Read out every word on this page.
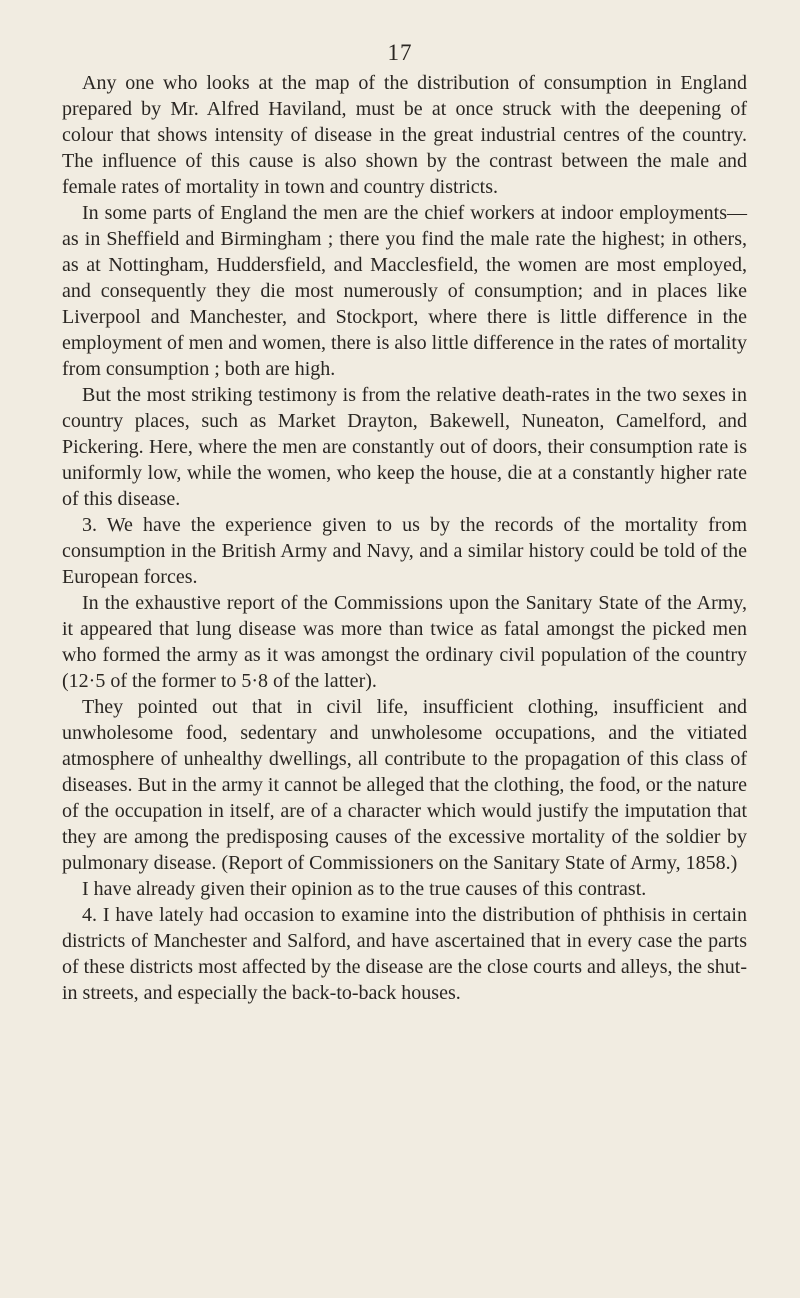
17

Any one who looks at the map of the distribution of consumption in England prepared by Mr. Alfred Haviland, must be at once struck with the deepening of colour that shows intensity of disease in the great industrial centres of the country. The influence of this cause is also shown by the contrast between the male and female rates of mortality in town and country districts.

In some parts of England the men are the chief workers at indoor employments—as in Sheffield and Birmingham ; there you find the male rate the highest; in others, as at Nottingham, Huddersfield, and Macclesfield, the women are most employed, and consequently they die most numerously of consumption; and in places like Liverpool and Manchester, and Stockport, where there is little difference in the employment of men and women, there is also little difference in the rates of mortality from consumption ; both are high.

But the most striking testimony is from the relative death-rates in the two sexes in country places, such as Market Drayton, Bakewell, Nuneaton, Camelford, and Pickering. Here, where the men are constantly out of doors, their consumption rate is uniformly low, while the women, who keep the house, die at a constantly higher rate of this disease.

3. We have the experience given to us by the records of the mortality from consumption in the British Army and Navy, and a similar history could be told of the European forces.

In the exhaustive report of the Commissions upon the Sanitary State of the Army, it appeared that lung disease was more than twice as fatal amongst the picked men who formed the army as it was amongst the ordinary civil population of the country (12·5 of the former to 5·8 of the latter).

They pointed out that in civil life, insufficient clothing, insufficient and unwholesome food, sedentary and unwholesome occupations, and the vitiated atmosphere of unhealthy dwellings, all contribute to the propagation of this class of diseases. But in the army it cannot be alleged that the clothing, the food, or the nature of the occupation in itself, are of a character which would justify the imputation that they are among the predisposing causes of the excessive mortality of the soldier by pulmonary disease. (Report of Commissioners on the Sanitary State of Army, 1858.)

I have already given their opinion as to the true causes of this contrast.

4. I have lately had occasion to examine into the distribution of phthisis in certain districts of Manchester and Salford, and have ascertained that in every case the parts of these districts most affected by the disease are the close courts and alleys, the shut-in streets, and especially the back-to-back houses.
